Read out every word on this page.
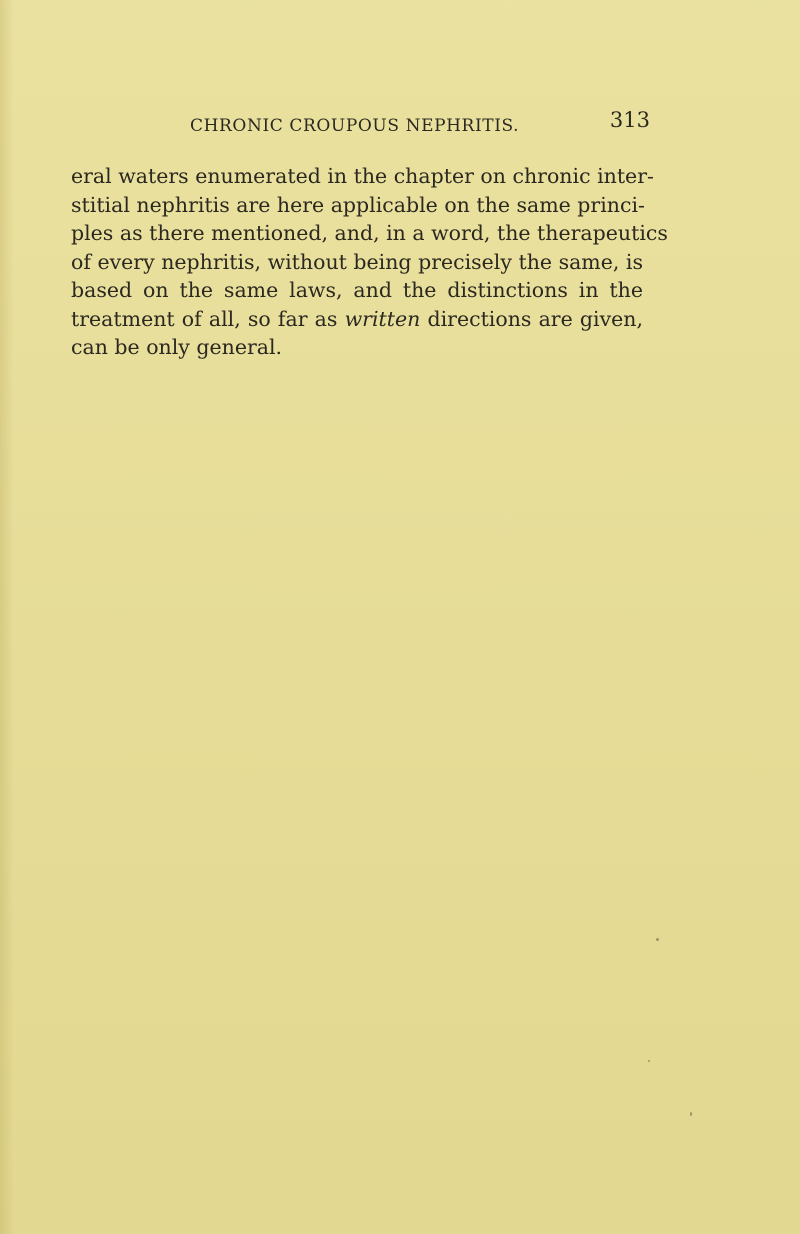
CHRONIC CROUPOUS NEPHRITIS.	313
eral waters enumerated in the chapter on chronic inter-
stitial nephritis are here applicable on the same princi-
ples as there mentioned, and, in a word, the therapeutics
of every nephritis, without being precisely the same, is
based on the same laws, and the distinctions in the
treatment of all, so far as written directions are given,
can be only general.
